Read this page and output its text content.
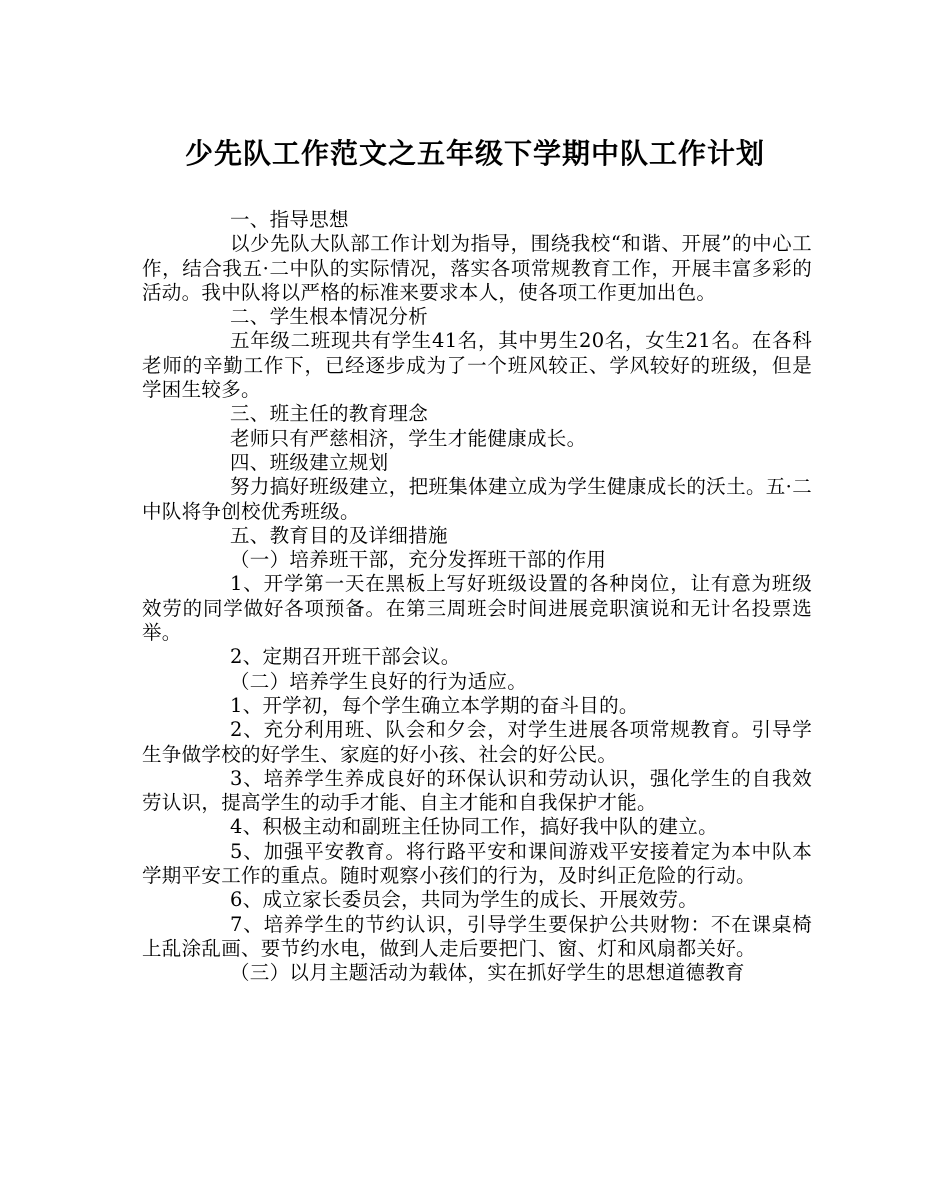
少先队工作范文之五年级下学期中队工作计划

一、指导思想

以少先队大队部工作计划为指导，围绕我校“和谐、开展”的中心工作，结合我五·二中队的实际情况，落实各项常规教育工作，开展丰富多彩的活动。我中队将以严格的标准来要求本人，使各项工作更加出色。

二、学生根本情况分析

五年级二班现共有学生41名，其中男生20名，女生21名。在各科老师的辛勤工作下，已经逐步成为了一个班风较正、学风较好的班级，但是学困生较多。

三、班主任的教育理念

老师只有严慈相济，学生才能健康成长。

四、班级建立规划

努力搞好班级建立，把班集体建立成为学生健康成长的沃土。五·二中队将争创校优秀班级。

五、教育目的及详细措施

（一）培养班干部，充分发挥班干部的作用

1、开学第一天在黑板上写好班级设置的各种岗位，让有意为班级效劳的同学做好各项预备。在第三周班会时间进展竞职演说和无计名投票选举。

2、定期召开班干部会议。

（二）培养学生良好的行为适应。

1、开学初，每个学生确立本学期的奋斗目的。

2、充分利用班、队会和夕会，对学生进展各项常规教育。引导学生争做学校的好学生、家庭的好小孩、社会的好公民。

3、培养学生养成良好的环保认识和劳动认识，强化学生的自我效劳认识，提高学生的动手才能、自主才能和自我保护才能。

4、积极主动和副班主任协同工作，搞好我中队的建立。

5、加强平安教育。将行路平安和课间游戏平安接着定为本中队本学期平安工作的重点。随时观察小孩们的行为，及时纠正危险的行动。

6、成立家长委员会，共同为学生的成长、开展效劳。

7、培养学生的节约认识，引导学生要保护公共财物：不在课桌椅上乱涂乱画、要节约水电，做到人走后要把门、窗、灯和风扇都关好。

（三）以月主题活动为载体，实在抓好学生的思想道德教育
